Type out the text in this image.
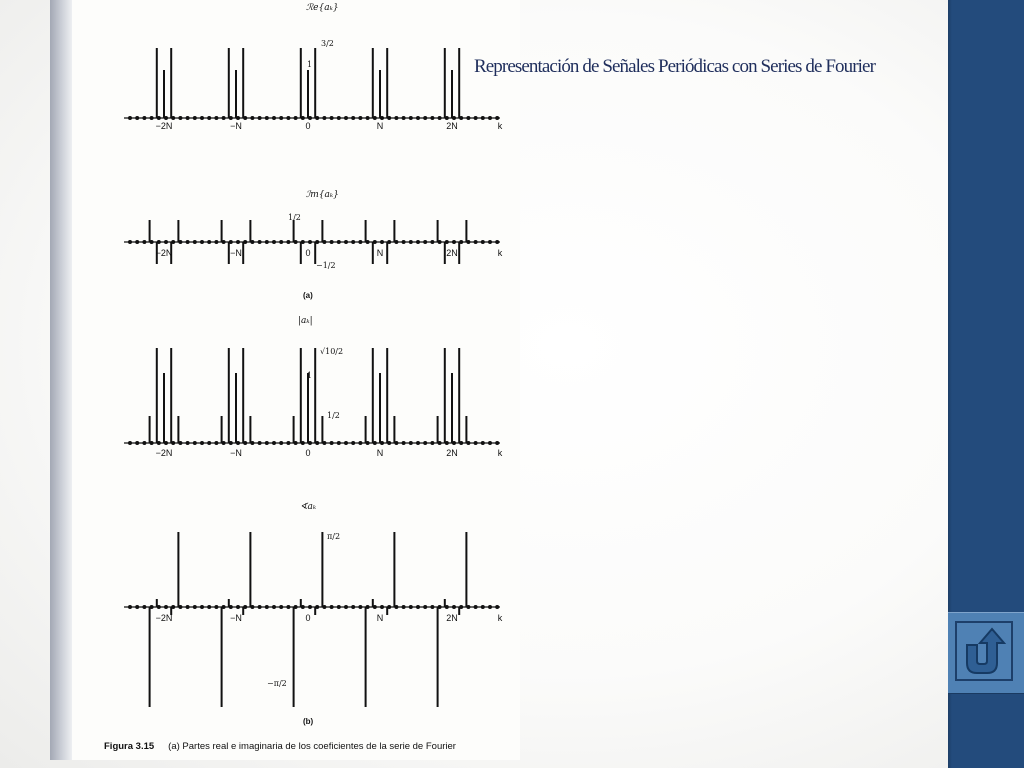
ℛe{aₖ}
1
3/2
−2N	−N	0	N	2N	k
ℐm{aₖ}
1/2
−1/2
−2N	−N	0	N	2N	k
(a)
|aₖ|
1
√10/2
1/2
−2N	−N	0	N	2N	k
∢aₖ
π/2
−π/2
−2N	−N	0	N	2N	k
(b)
Figura 3.15 (a) Partes real e imaginaria de los coeficientes de la serie de Fourier
Representación de Señales Periódicas con Series de Fourier
